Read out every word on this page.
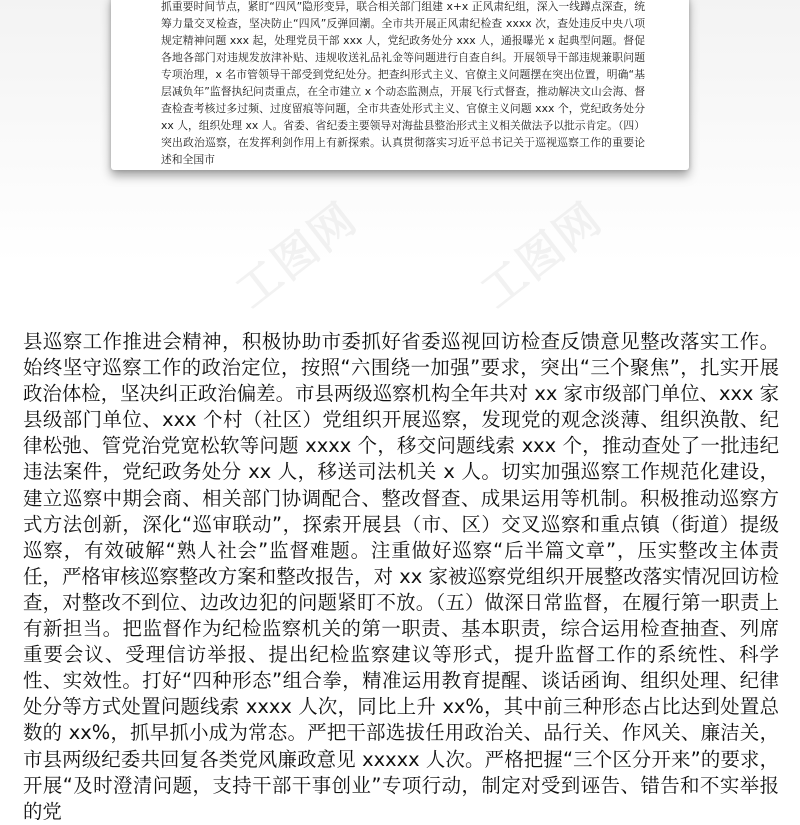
抓重要时间节点，紧盯“四风”隐形变异，联合相关部门组建 x+x 正风肃纪组，深入一线蹲点深查，统筹力量交叉检查，坚决防止“四风”反弹回潮。全市共开展正风肃纪检查 xxxx 次，查处违反中央八项规定精神问题 xxx 起，处理党员干部 xxx 人，党纪政务处分 xxx 人，通报曝光 x 起典型问题。督促各地各部门对违规发放津补贴、违规收送礼品礼金等问题进行自查自纠。开展领导干部违规兼职问题专项治理，x 名市管领导干部受到党纪处分。把查纠形式主义、官僚主义问题摆在突出位置，明确“基层减负年”监督执纪问责重点，在全市建立 x 个动态监测点，开展飞行式督查，推动解决文山会海、督查检查考核过多过频、过度留痕等问题，全市共查处形式主义、官僚主义问题 xxx 个，党纪政务处分 xx 人，组织处理 xx 人。省委、省纪委主要领导对海盐县整治形式主义相关做法予以批示肯定。（四）突出政治巡察，在发挥利剑作用上有新探索。认真贯彻落实习近平总书记关于巡视巡察工作的重要论述和全国市

工图网 工图网

县巡察工作推进会精神，积极协助市委抓好省委巡视回访检查反馈意见整改落实工作。始终坚守巡察工作的政治定位，按照“六围绕一加强”要求，突出“三个聚焦”，扎实开展政治体检，坚决纠正政治偏差。市县两级巡察机构全年共对 xx 家市级部门单位、xxx 家县级部门单位、xxx 个村（社区）党组织开展巡察，发现党的观念淡薄、组织涣散、纪律松弛、管党治党宽松软等问题 xxxx 个，移交问题线索 xxx 个，推动查处了一批违纪违法案件，党纪政务处分 xx 人，移送司法机关 x 人。切实加强巡察工作规范化建设，建立巡察中期会商、相关部门协调配合、整改督查、成果运用等机制。积极推动巡察方式方法创新，深化“巡审联动”，探索开展县（市、区）交叉巡察和重点镇（街道）提级巡察，有效破解“熟人社会”监督难题。注重做好巡察“后半篇文章”，压实整改主体责任，严格审核巡察整改方案和整改报告，对 xx 家被巡察党组织开展整改落实情况回访检查，对整改不到位、边改边犯的问题紧盯不放。（五）做深日常监督，在履行第一职责上有新担当。把监督作为纪检监察机关的第一职责、基本职责，综合运用检查抽查、列席重要会议、受理信访举报、提出纪检监察建议等形式，提升监督工作的系统性、科学性、实效性。打好“四种形态”组合拳，精准运用教育提醒、谈话函询、组织处理、纪律处分等方式处置问题线索 xxxx 人次，同比上升 xx%，其中前三种形态占比达到处置总数的 xx%，抓早抓小成为常态。严把干部选拔任用政治关、品行关、作风关、廉洁关，市县两级纪委共回复各类党风廉政意见 xxxxx 人次。严格把握“三个区分开来”的要求，开展“及时澄清问题，支持干部干事创业”专项行动，制定对受到诬告、错告和不实举报的党
